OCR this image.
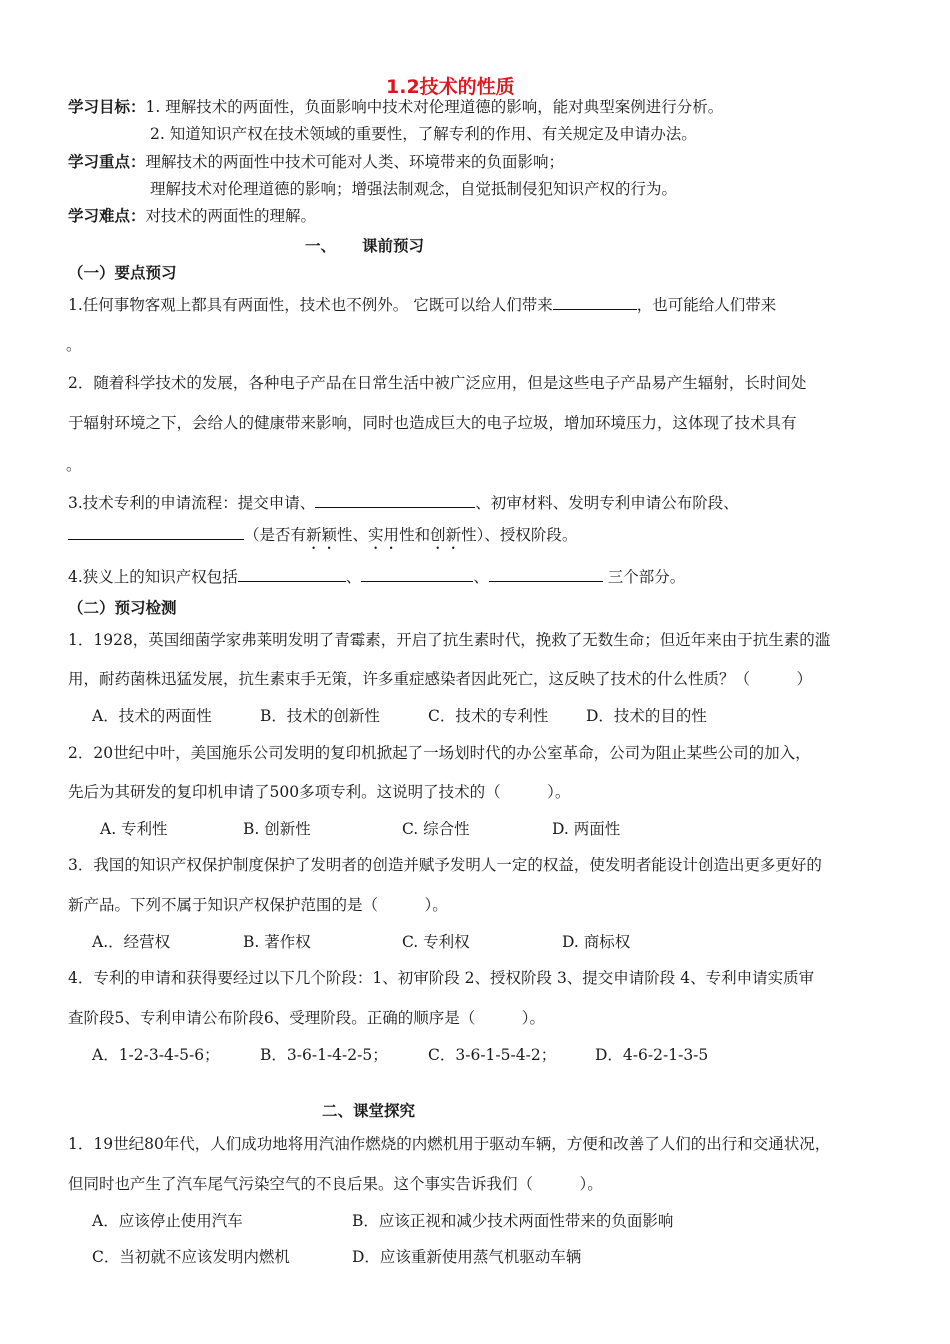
1.2技术的性质
学习目标：1. 理解技术的两面性，负面影响中技术对伦理道德的影响，能对典型案例进行分析。
2. 知道知识产权在技术领域的重要性，了解专利的作用、有关规定及申请办法。
学习重点：理解技术的两面性中技术可能对人类、环境带来的负面影响；
理解技术对伦理道德的影响；增强法制观念，自觉抵制侵犯知识产权的行为。
学习难点：对技术的两面性的理解。
一、 课前预习
（一）要点预习
1.任何事物客观上都具有两面性，技术也不例外。 它既可以给人们带来	，也可能给人们带来
。
2．随着科学技术的发展，各种电子产品在日常生活中被广泛应用，但是这些电子产品易产生辐射，长时间处
于辐射环境之下，会给人的健康带来影响，同时也造成巨大的电子垃圾，增加环境压力，这体现了技术具有
。
3.技术专利的申请流程：提交申请、	、初审材料、发明专利申请公布阶段、
（是否有新颖性、实用性和创新性）、授权阶段。
4.狭义上的知识产权包括	、	、	三个部分。
（二）预习检测
1．1928，英国细菌学家弗莱明发明了青霉素，开启了抗生素时代，挽救了无数生命；但近年来由于抗生素的滥
用，耐药菌株迅猛发展，抗生素束手无策，许多重症感染者因此死亡，这反映了技术的什么性质？（　　　）
A．技术的两面性	B．技术的创新性	C．技术的专利性 D．技术的目的性
2．20世纪中叶，美国施乐公司发明的复印机掀起了一场划时代的办公室革命，公司为阻止某些公司的加入，
先后为其研发的复印机申请了500多项专利。这说明了技术的（　　　）。
A. 专利性	B. 创新性	C. 综合性	D. 两面性
3．我国的知识产权保护制度保护了发明者的创造并赋予发明人一定的权益，使发明者能设计创造出更多更好的
新产品。下列不属于知识产权保护范围的是（　　　）。
A.．经营权	B. 著作权	C. 专利权	D. 商标权
4．专利的申请和获得要经过以下几个阶段：1、初审阶段 2、授权阶段 3、提交申请阶段 4、专利申请实质审
查阶段5、专利申请公布阶段6、受理阶段。正确的顺序是（　　　）。
A．1-2-3-4-5-6；	B．3-6-1-4-2-5；	C．3-6-1-5-4-2；	D．4-6-2-1-3-5
二、课堂探究
1．19世纪80年代，人们成功地将用汽油作燃烧的内燃机用于驱动车辆，方便和改善了人们的出行和交通状况，
但同时也产生了汽车尾气污染空气的不良后果。这个事实告诉我们（　　　）。
A．应该停止使用汽车	B．应该正视和减少技术两面性带来的负面影响
C．当初就不应该发明内燃机	D．应该重新使用蒸气机驱动车辆
